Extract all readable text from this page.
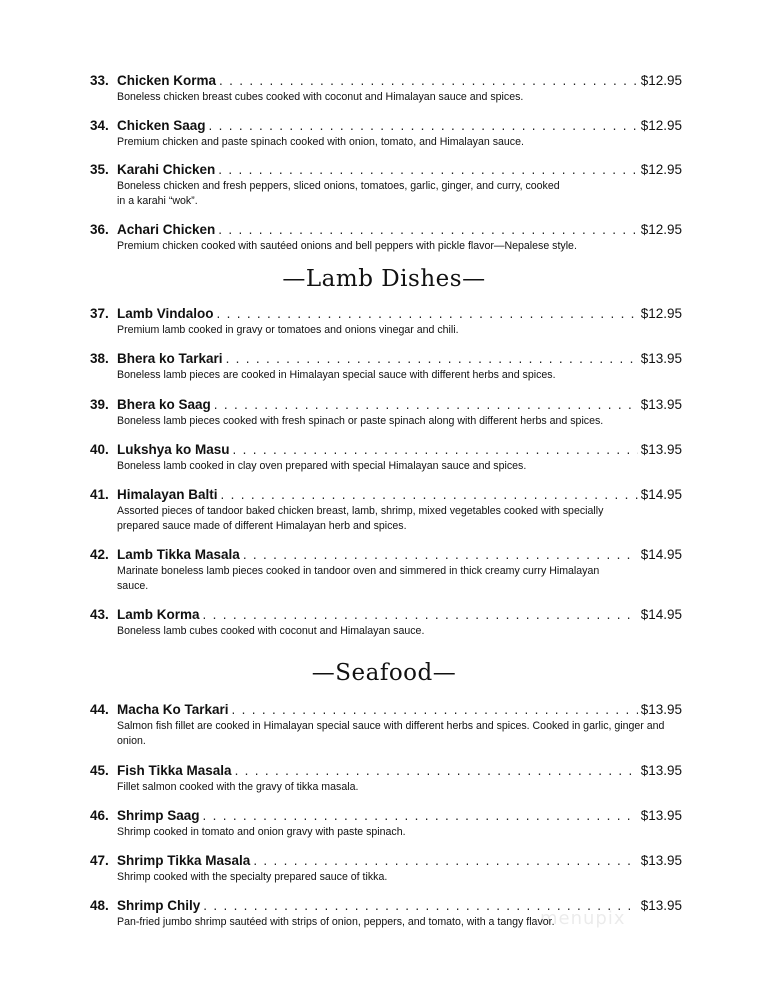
33. Chicken Korma . . .	$12.95
Boneless chicken breast cubes cooked with coconut and Himalayan sauce and spices.
34. Chicken Saag . . .	$12.95
Premium chicken and paste spinach cooked with onion, tomato, and Himalayan sauce.
35. Karahi Chicken . . .	$12.95
Boneless chicken and fresh peppers, sliced onions, tomatoes, garlic, ginger, and curry, cooked in a karahi “wok”.
36. Achari Chicken . . .	$12.95
Premium chicken cooked with sautéed onions and bell peppers with pickle flavor—Nepalese style.
—Lamb Dishes—
37. Lamb Vindaloo . . .	$12.95
Premium lamb cooked in gravy or tomatoes and onions vinegar and chili.
38. Bhera ko Tarkari . . .	$13.95
Boneless lamb pieces are cooked in Himalayan special sauce with different herbs and spices.
39. Bhera ko Saag . . .	$13.95
Boneless lamb pieces cooked with fresh spinach or paste spinach along with different herbs and spices.
40. Lukshya ko Masu . . .	$13.95
Boneless lamb cooked in clay oven prepared with special Himalayan sauce and spices.
41. Himalayan Balti . . .	$14.95
Assorted pieces of tandoor baked chicken breast, lamb, shrimp, mixed vegetables cooked with specially prepared sauce made of different Himalayan herb and spices.
42. Lamb Tikka Masala . . .	$14.95
Marinate boneless lamb pieces cooked in tandoor oven and simmered in thick creamy curry Himalayan sauce.
43. Lamb Korma . . .	$14.95
Boneless lamb cubes cooked with coconut and Himalayan sauce.
—Seafood—
44. Macha Ko Tarkari . . .	$13.95
Salmon fish fillet are cooked in Himalayan special sauce with different herbs and spices. Cooked in garlic, ginger and onion.
45. Fish Tikka Masala . . .	$13.95
Fillet salmon cooked with the gravy of tikka masala.
46. Shrimp Saag . . .	$13.95
Shrimp cooked in tomato and onion gravy with paste spinach.
47. Shrimp Tikka Masala . . .	$13.95
Shrimp cooked with the specialty prepared sauce of tikka.
48. Shrimp Chily . . .	$13.95
Pan-fried jumbo shrimp sautéed with strips of onion, peppers, and tomato, with a tangy flavor.
menupix
